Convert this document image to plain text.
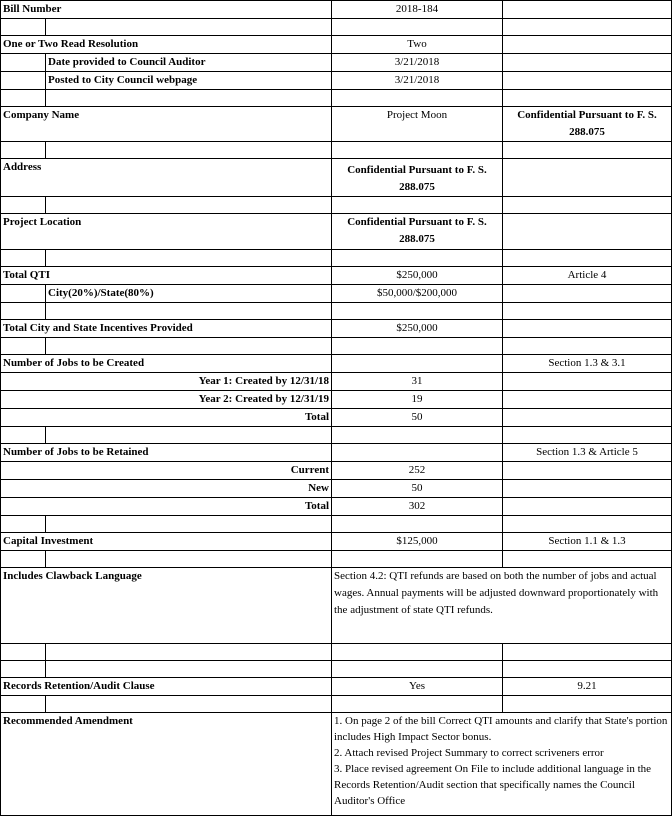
Bill Number		2018-184	

One or Two Read Resolution		Two	
	Date provided to Council Auditor	3/21/2018	
	Posted to City Council webpage	3/21/2018	

Company Name		Project Moon	Confidential Pursuant to F. S. 288.075

Address		Confidential Pursuant to F. S. 288.075	

Project Location		Confidential Pursuant to F. S. 288.075	

Total QTI		$250,000	Article 4
	City(20%)/State(80%)	$50,000/$200,000	

Total City and State Incentives Provided		$250,000	

Number of Jobs to be Created			Section 1.3 & 3.1
Year 1: Created by 12/31/18		31	
Year 2: Created by 12/31/19		19	
Total		50	

Number of Jobs to be Retained			Section 1.3 & Article 5
Current		252	
New		50	
Total		302	

Capital Investment		$125,000	Section 1.1 & 1.3

Includes Clawback Language		Section 4.2: QTI refunds are based on both the number of jobs and actual wages. Annual payments will be adjusted downward proportionately with the adjustment of state QTI refunds.	

Records Retention/Audit Clause		Yes	9.21

Recommended Amendment		1. On page 2 of the bill Correct QTI amounts and clarify that State's portion includes High Impact Sector bonus.
2. Attach revised Project Summary to correct scriveners error
3. Place revised agreement On File to include additional language in the Records Retention/Audit section that specifically names the Council Auditor's Office	
